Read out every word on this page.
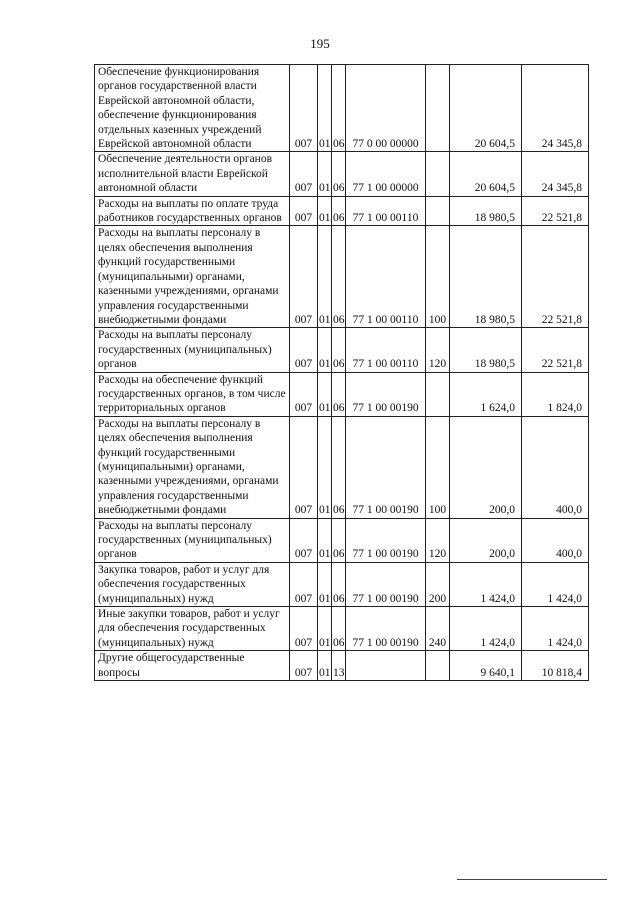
195
Обеспечение функционирования органов государственной власти Еврейской автономной области, обеспечение функционирования отдельных казенных учреждений Еврейской автономной области	007	01	06	77 0 00 00000		20 604,5	24 345,8
Обеспечение деятельности органов исполнительной власти Еврейской автономной области	007	01	06	77 1 00 00000		20 604,5	24 345,8
Расходы на выплаты по оплате труда работников государственных органов	007	01	06	77 1 00 00110		18 980,5	22 521,8
Расходы на выплаты персоналу в целях обеспечения выполнения функций государственными (муниципальными) органами, казенными учреждениями, органами управления государственными внебюджетными фондами	007	01	06	77 1 00 00110	100	18 980,5	22 521,8
Расходы на выплаты персоналу государственных (муниципальных) органов	007	01	06	77 1 00 00110	120	18 980,5	22 521,8
Расходы на обеспечение функций государственных органов, в том числе территориальных органов	007	01	06	77 1 00 00190		1 624,0	1 824,0
Расходы на выплаты персоналу в целях обеспечения выполнения функций государственными (муниципальными) органами, казенными учреждениями, органами управления государственными внебюджетными фондами	007	01	06	77 1 00 00190	100	200,0	400,0
Расходы на выплаты персоналу государственных (муниципальных) органов	007	01	06	77 1 00 00190	120	200,0	400,0
Закупка товаров, работ и услуг для обеспечения государственных (муниципальных) нужд	007	01	06	77 1 00 00190	200	1 424,0	1 424,0
Иные закупки товаров, работ и услуг для обеспечения государственных (муниципальных) нужд	007	01	06	77 1 00 00190	240	1 424,0	1 424,0
Другие общегосударственные вопросы	007	01	13			9 640,1	10 818,4
